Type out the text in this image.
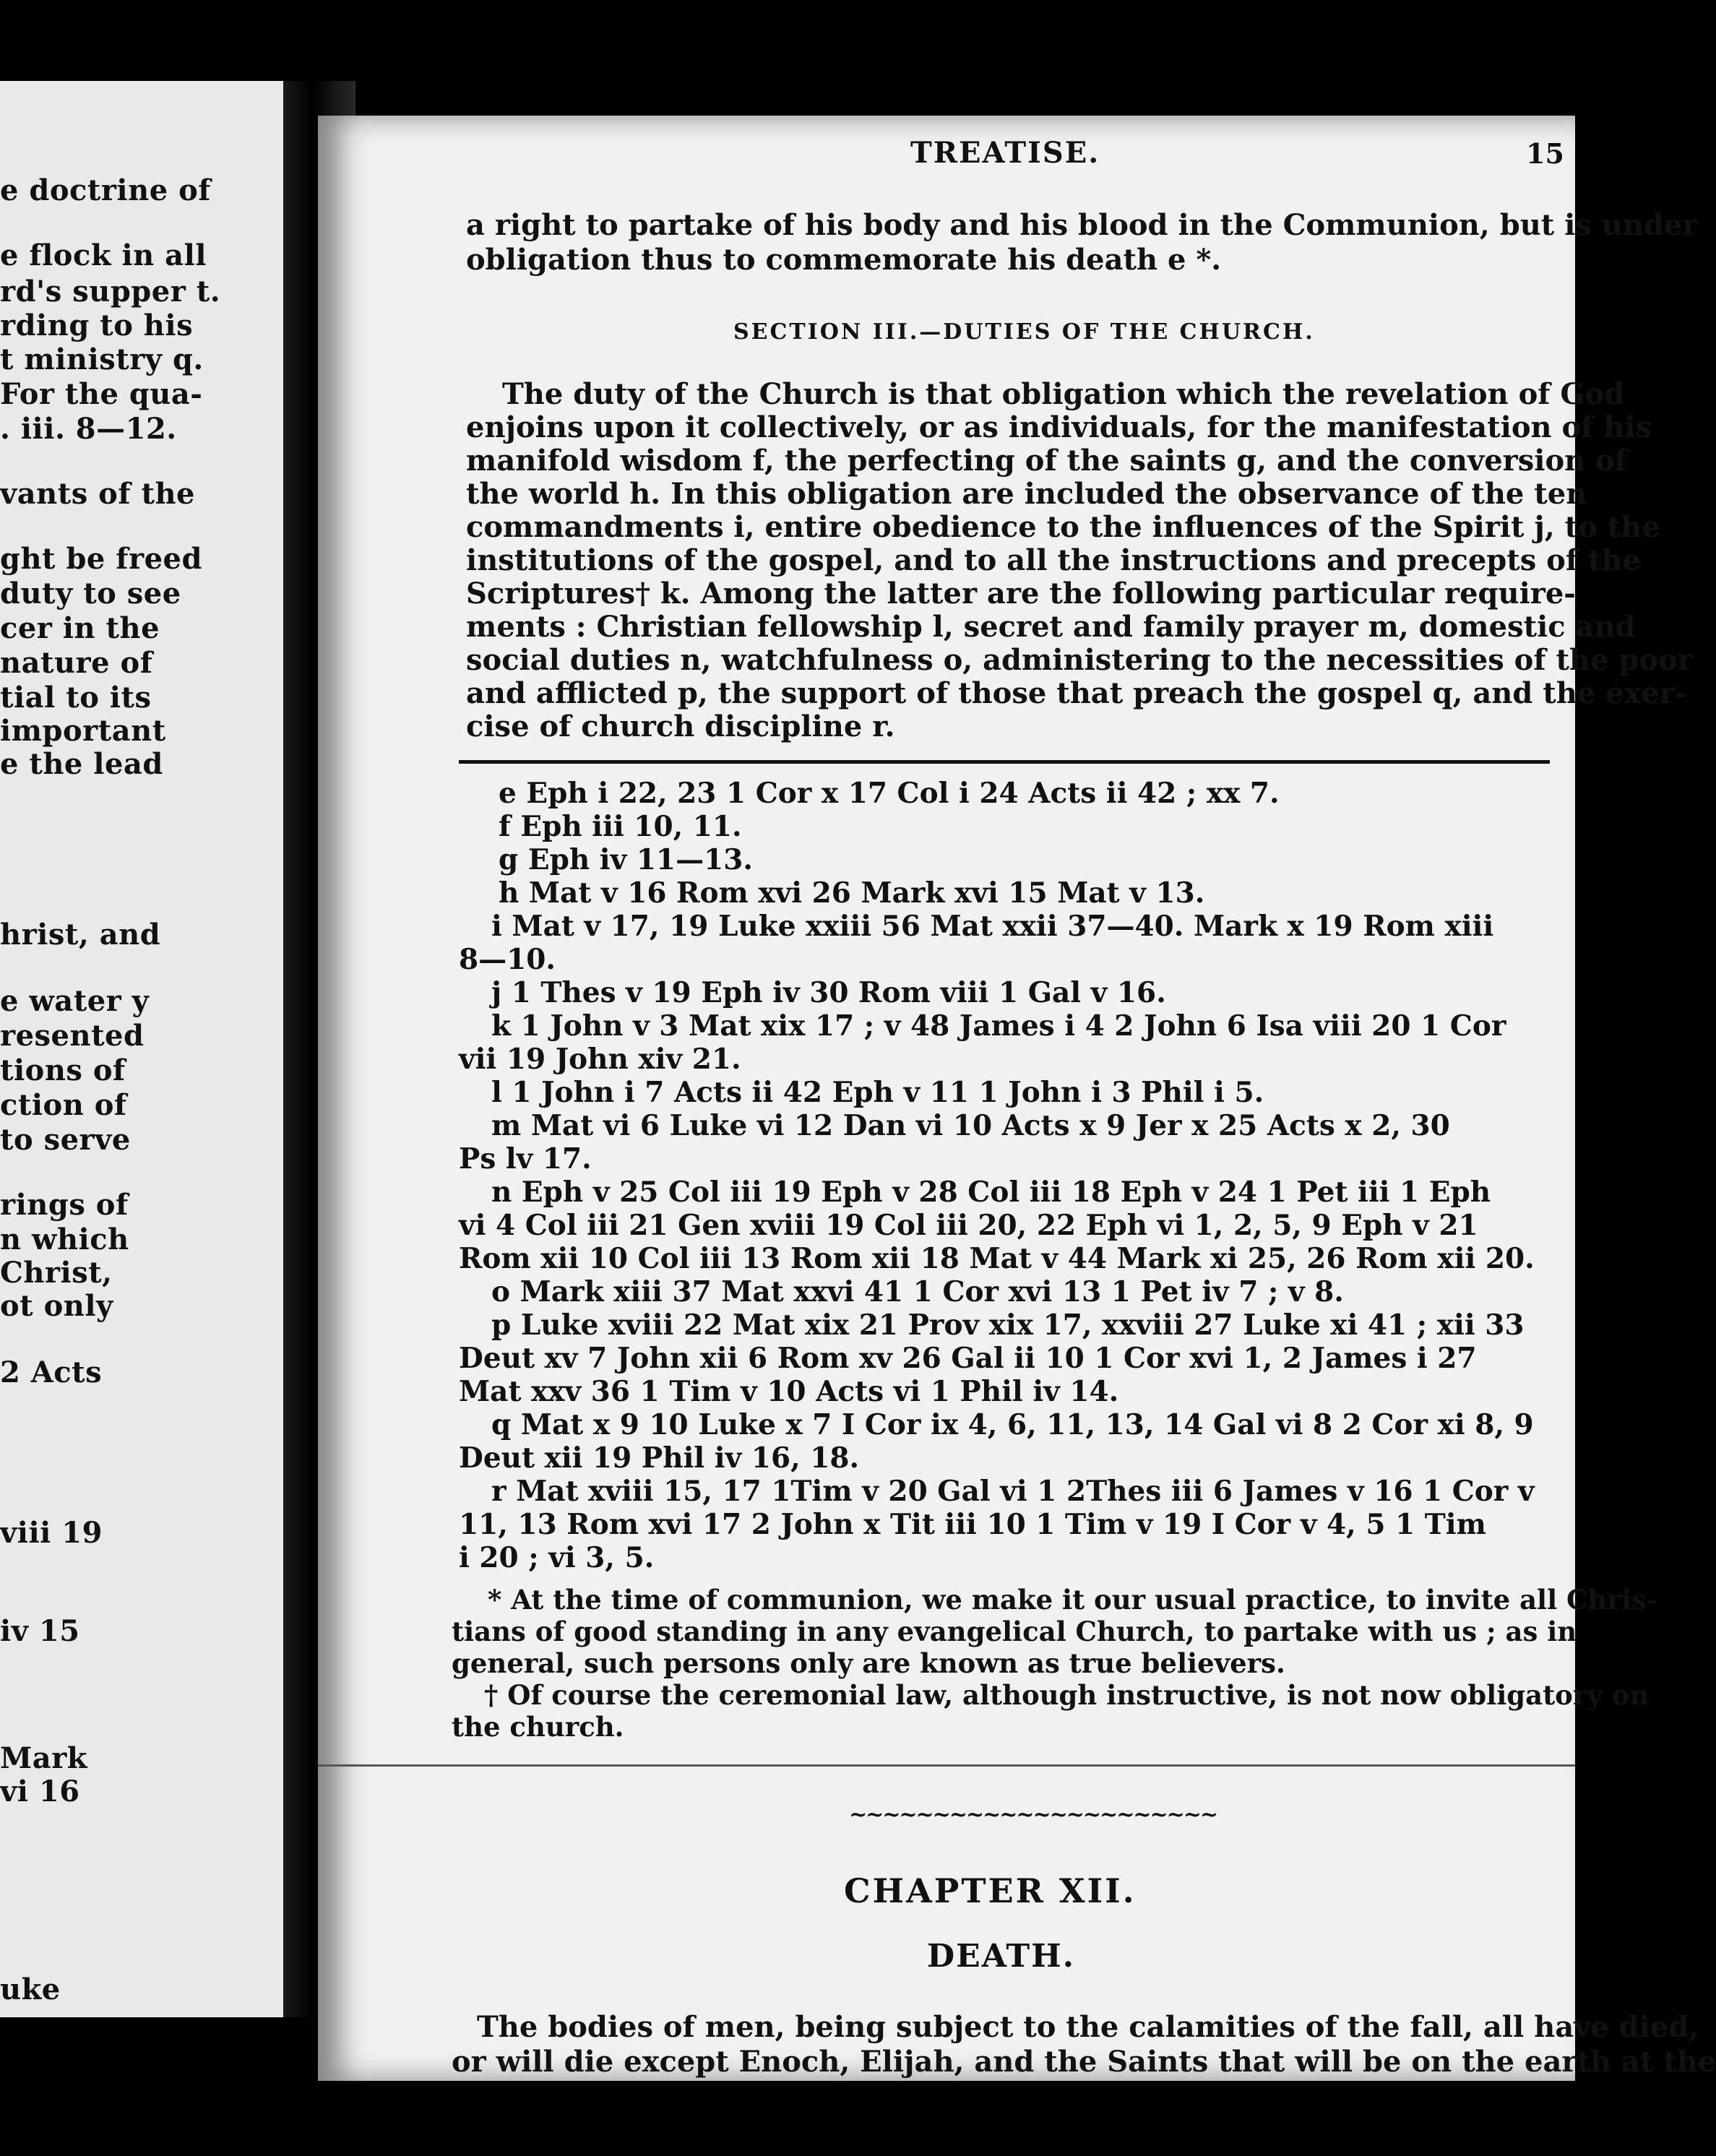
e doctrine of
e flock in all
rd's supper t.
rding to his
t ministry q.
For the qua-
. iii. 8—12.
vants of the
ght be freed
duty to see
cer in the
nature of
tial to its
important
e the lead
hrist, and
e water y
resented
tions of
ction of
to serve
rings of
n which
Christ,
ot only
2 Acts
viii 19
iv 15
Mark
vi 16
uke
TREATISE.	15
a right to partake of his body and his blood in the Communion, but is under
obligation thus to commemorate his death e *.
SECTION III.—DUTIES OF THE CHURCH.
The duty of the Church is that obligation which the revelation of God
enjoins upon it collectively, or as individuals, for the manifestation of his
manifold wisdom f, the perfecting of the saints g, and the conversion of
the world h. In this obligation are included the observance of the ten
commandments i, entire obedience to the influences of the Spirit j, to the
institutions of the gospel, and to all the instructions and precepts of the
Scriptures† k. Among the latter are the following particular require-
ments : Christian fellowship l, secret and family prayer m, domestic and
social duties n, watchfulness o, administering to the necessities of the poor
and afflicted p, the support of those that preach the gospel q, and the exer-
cise of church discipline r.
e Eph i 22, 23 1 Cor x 17 Col i 24 Acts ii 42 ; xx 7.
f Eph iii 10, 11.
g Eph iv 11—13.
h Mat v 16 Rom xvi 26 Mark xvi 15 Mat v 13.
i Mat v 17, 19 Luke xxiii 56 Mat xxii 37—40. Mark x 19 Rom xiii
8—10.
j 1 Thes v 19 Eph iv 30 Rom viii 1 Gal v 16.
k 1 John v 3 Mat xix 17 ; v 48 James i 4 2 John 6 Isa viii 20 1 Cor
vii 19 John xiv 21.
l 1 John i 7 Acts ii 42 Eph v 11 1 John i 3 Phil i 5.
m Mat vi 6 Luke vi 12 Dan vi 10 Acts x 9 Jer x 25 Acts x 2, 30
Ps lv 17.
n Eph v 25 Col iii 19 Eph v 28 Col iii 18 Eph v 24 1 Pet iii 1 Eph
vi 4 Col iii 21 Gen xviii 19 Col iii 20, 22 Eph vi 1, 2, 5, 9 Eph v 21
Rom xii 10 Col iii 13 Rom xii 18 Mat v 44 Mark xi 25, 26 Rom xii 20.
o Mark xiii 37 Mat xxvi 41 1 Cor xvi 13 1 Pet iv 7 ; v 8.
p Luke xviii 22 Mat xix 21 Prov xix 17, xxviii 27 Luke xi 41 ; xii 33
Deut xv 7 John xii 6 Rom xv 26 Gal ii 10 1 Cor xvi 1, 2 James i 27
Mat xxv 36 1 Tim v 10 Acts vi 1 Phil iv 14.
q Mat x 9 10 Luke x 7 I Cor ix 4, 6, 11, 13, 14 Gal vi 8 2 Cor xi 8, 9
Deut xii 19 Phil iv 16, 18.
r Mat xviii 15, 17 1Tim v 20 Gal vi 1 2Thes iii 6 James v 16 1 Cor v
11, 13 Rom xvi 17 2 John x Tit iii 10 1 Tim v 19 I Cor v 4, 5 1 Tim
i 20 ; vi 3, 5.
* At the time of communion, we make it our usual practice, to invite all Chris-
tians of good standing in any evangelical Church, to partake with us ; as in
general, such persons only are known as true believers.
† Of course the ceremonial law, although instructive, is not now obligatory on
the church.
~~~~~~~~~~~~~~~~~~~~~~
CHAPTER XII.
DEATH.
The bodies of men, being subject to the calamities of the fall, all have died,
or will die except Enoch, Elijah, and the Saints that will be on the earth at the
